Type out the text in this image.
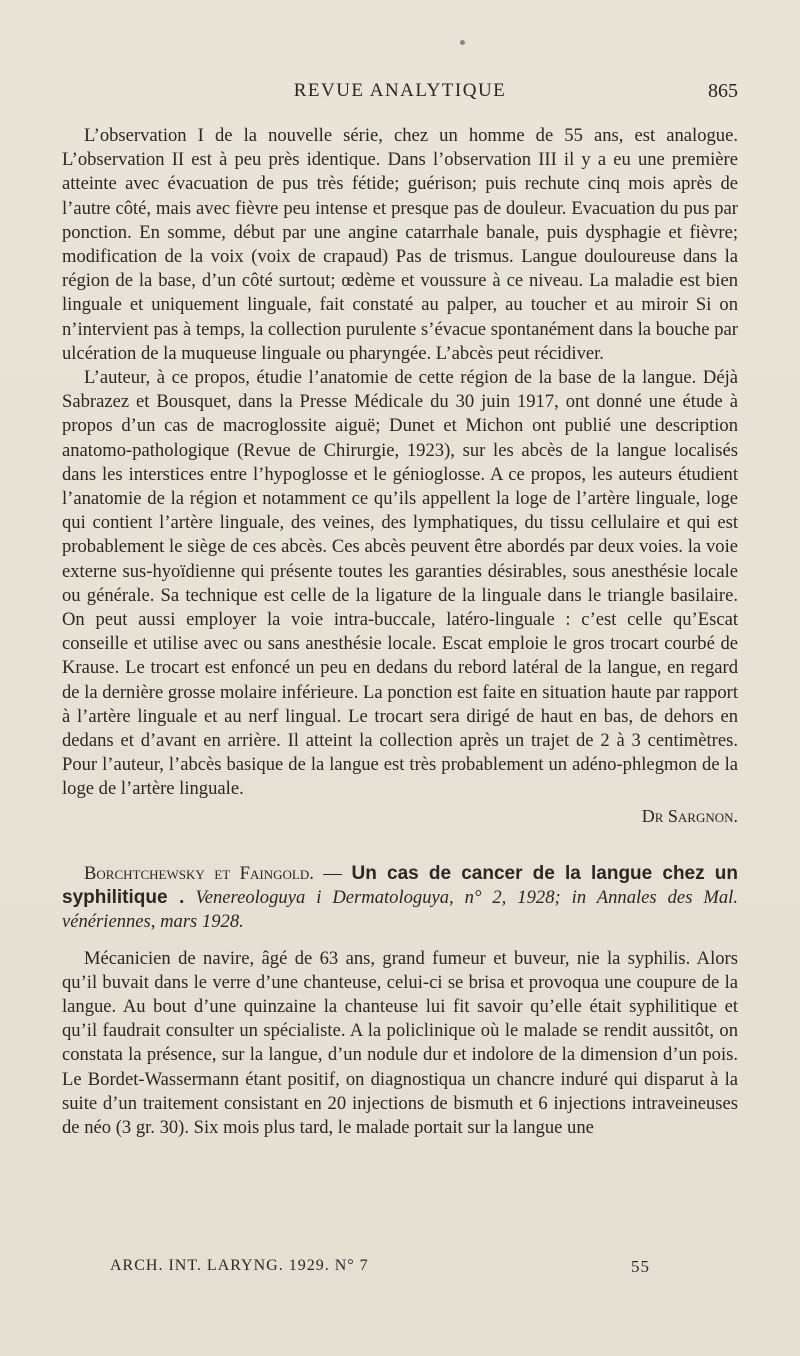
REVUE ANALYTIQUE	865

L’observation I de la nouvelle série, chez un homme de 55 ans, est analogue. L’observation II est à peu près identique. Dans l’observation III il y a eu une première atteinte avec évacuation de pus très fétide; guérison; puis rechute cinq mois après de l’autre côté, mais avec fièvre peu intense et presque pas de douleur. Evacuation du pus par ponction. En somme, début par une angine catarrhale banale, puis dysphagie et fièvre; modification de la voix (voix de crapaud) Pas de trismus. Langue douloureuse dans la région de la base, d’un côté surtout; œdème et voussure à ce niveau. La maladie est bien linguale et uniquement linguale, fait constaté au palper, au toucher et au miroir Si on n’intervient pas à temps, la collection purulente s’évacue spontanément dans la bouche par ulcération de la muqueuse linguale ou pharyngée. L’abcès peut récidiver.

L’auteur, à ce propos, étudie l’anatomie de cette région de la base de la langue. Déjà Sabrazez et Bousquet, dans la Presse Médicale du 30 juin 1917, ont donné une étude à propos d’un cas de macroglossite aiguë; Dunet et Michon ont publié une description anatomo-pathologique (Revue de Chirurgie, 1923), sur les abcès de la langue localisés dans les interstices entre l’hypoglosse et le génioglosse. A ce propos, les auteurs étudient l’anatomie de la région et notamment ce qu’ils appellent la loge de l’artère linguale, loge qui contient l’artère linguale, des veines, des lymphatiques, du tissu cellulaire et qui est probablement le siège de ces abcès. Ces abcès peuvent être abordés par deux voies. la voie externe sus-hyoïdienne qui présente toutes les garanties désirables, sous anesthésie locale ou générale. Sa technique est celle de la ligature de la linguale dans le triangle basilaire. On peut aussi employer la voie intra-buccale, latéro-linguale : c’est celle qu’Escat conseille et utilise avec ou sans anesthésie locale. Escat emploie le gros trocart courbé de Krause. Le trocart est enfoncé un peu en dedans du rebord latéral de la langue, en regard de la dernière grosse molaire inférieure. La ponction est faite en situation haute par rapport à l’artère linguale et au nerf lingual. Le trocart sera dirigé de haut en bas, de dehors en dedans et d’avant en arrière. Il atteint la collection après un trajet de 2 à 3 centimètres. Pour l’auteur, l’abcès basique de la langue est très probablement un adéno-phlegmon de la loge de l’artère linguale.

Dr Sargnon.

Borchtchewsky et Faingold. — Un cas de cancer de la langue chez un syphilitique . Venereologuya i Dermatologuya, n° 2, 1928; in Annales des Mal. vénériennes, mars 1928.

Mécanicien de navire, âgé de 63 ans, grand fumeur et buveur, nie la syphilis. Alors qu’il buvait dans le verre d’une chanteuse, celui-ci se brisa et provoqua une coupure de la langue. Au bout d’une quinzaine la chanteuse lui fit savoir qu’elle était syphilitique et qu’il faudrait consulter un spécialiste. A la policlinique où le malade se rendit aussitôt, on constata la présence, sur la langue, d’un nodule dur et indolore de la dimension d’un pois. Le Bordet-Wassermann étant positif, on diagnostiqua un chancre induré qui disparut à la suite d’un traitement consistant en 20 injections de bismuth et 6 injections intraveineuses de néo (3 gr. 30). Six mois plus tard, le malade portait sur la langue une

ARCH. INT. LARYNG. 1929. N° 7	55
